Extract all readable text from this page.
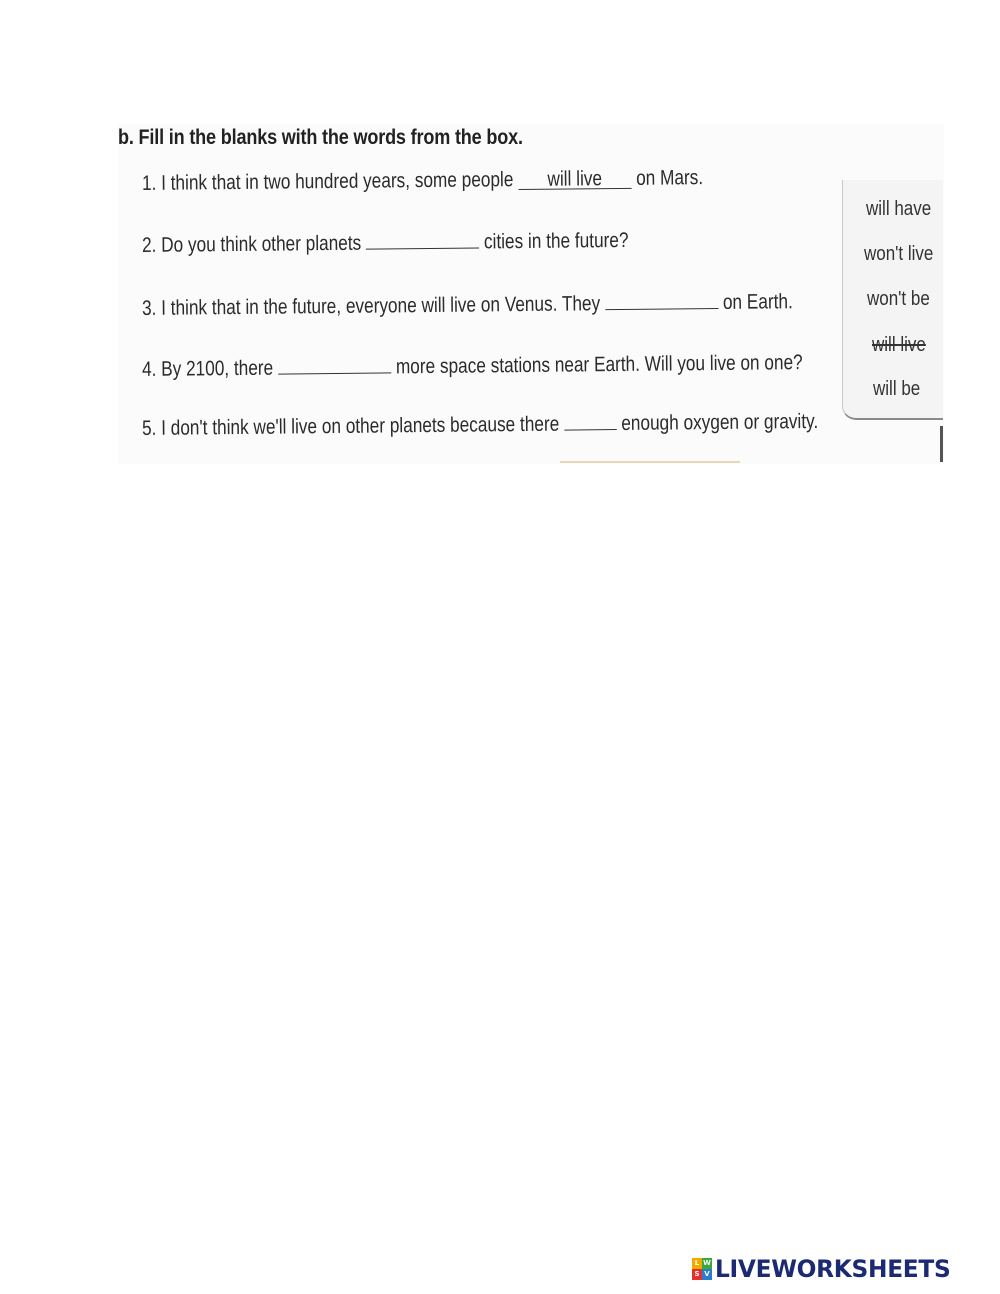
b. Fill in the blanks with the words from the box.
1. I think that in two hundred years, some people will live on Mars.
2. Do you think other planets	cities in the future?
3. I think that in the future, everyone will live on Venus. They	on Earth.
4. By 2100, there	more space stations near Earth. Will you live on one?
5. I don't think we'll live on other planets because there	enough oxygen or gravity.
will have
won't live
won't be
will live
will be
L W
S V LIVEWORKSHEETS
